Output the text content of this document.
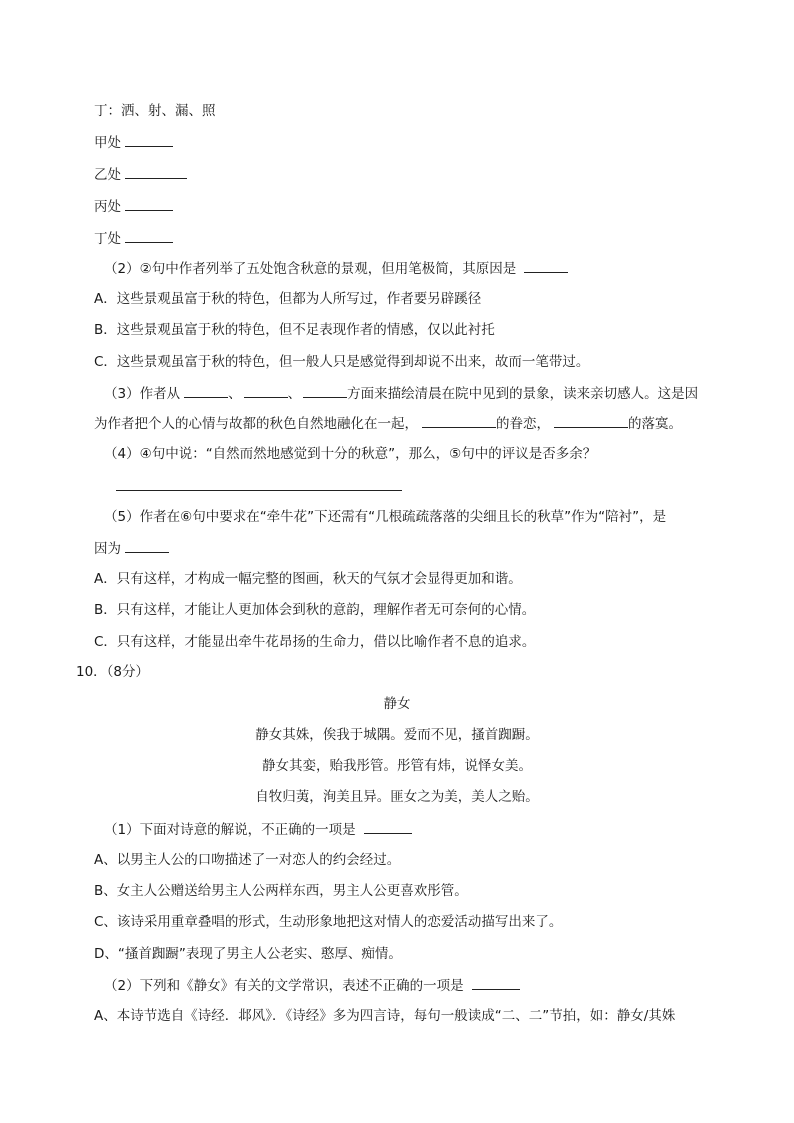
丁：洒、射、漏、照
甲处
乙处
丙处
丁处
（2）②句中作者列举了五处饱含秋意的景观，但用笔极简，其原因是
A．这些景观虽富于秋的特色，但都为人所写过，作者要另辟蹊径
B．这些景观虽富于秋的特色，但不足表现作者的情感，仅以此衬托
C．这些景观虽富于秋的特色，但一般人只是感觉得到却说不出来，故而一笔带过。
（3）作者从	、	、	方面来描绘清晨在院中见到的景象，读来亲切感人。这是因
为作者把个人的心情与故都的秋色自然地融化在一起，	的眷恋，	的落寞。
（4）④句中说：“自然而然地感觉到十分的秋意”，那么，⑤句中的评议是否多余？
（5）作者在⑥句中要求在“牵牛花”下还需有“几根疏疏落落的尖细且长的秋草”作为“陪衬”，是
因为
A．只有这样，才构成一幅完整的图画，秋天的气氛才会显得更加和谐。
B．只有这样，才能让人更加体会到秋的意韵，理解作者无可奈何的心情。
C．只有这样，才能显出牵牛花昂扬的生命力，借以比喻作者不息的追求。
10．（8分）
静女
静女其姝，俟我于城隅。爱而不见，搔首踟蹰。
静女其娈，贻我彤管。彤管有炜，说怿女美。
自牧归荑，洵美且异。匪女之为美，美人之贻。
（1）下面对诗意的解说，不正确的一项是
A、以男主人公的口吻描述了一对恋人的约会经过。
B、女主人公赠送给男主人公两样东西，男主人公更喜欢彤管。
C、该诗采用重章叠唱的形式，生动形象地把这对情人的恋爱活动描写出来了。
D、“搔首踟蹰”表现了男主人公老实、憨厚、痴情。
（2）下列和《静女》有关的文学常识，表述不正确的一项是
A、本诗节选自《诗经．邶风》．《诗经》多为四言诗，每句一般读成“二、二”节拍，如：静女/其姝
